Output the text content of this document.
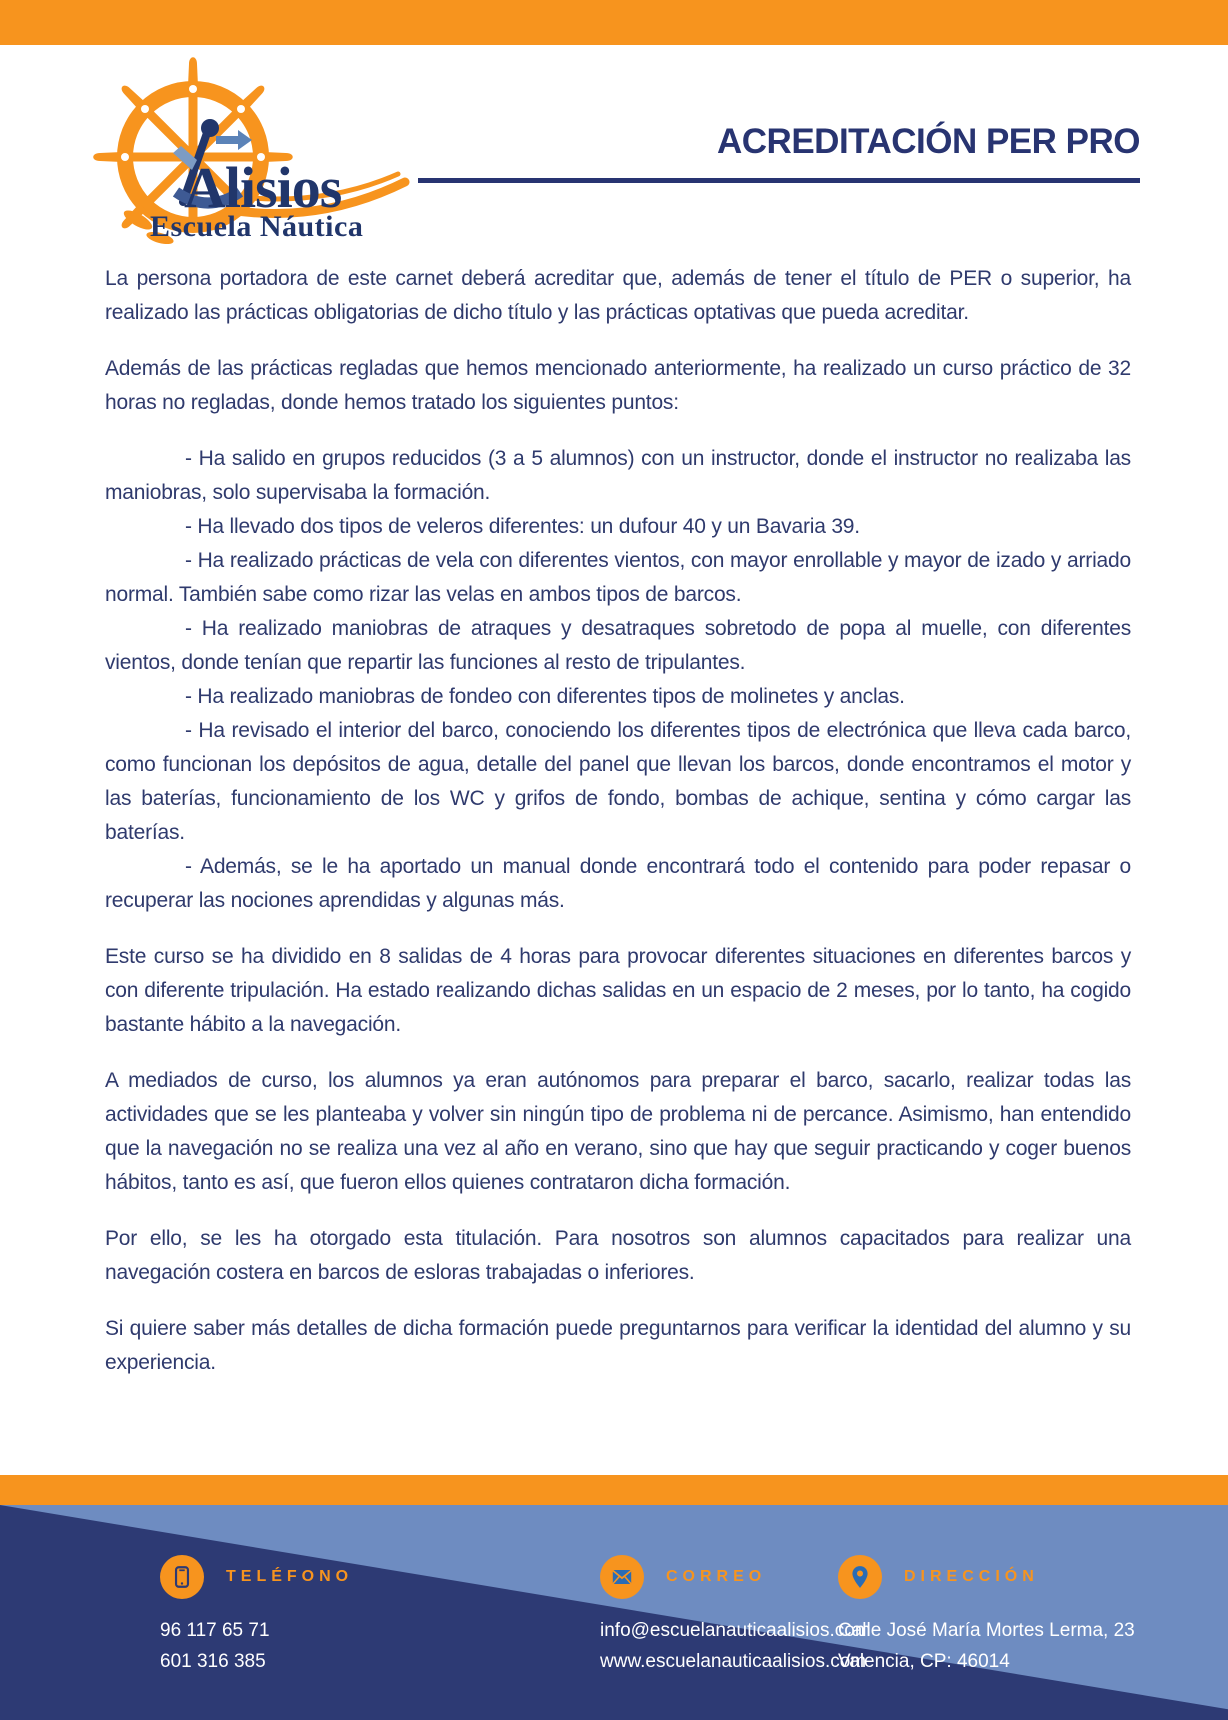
Alisios
Escuela Náutica
ACREDITACIÓN PER PRO

La persona portadora de este carnet deberá acreditar que, además de tener el título de PER o superior, ha realizado las prácticas obligatorias de dicho título y las prácticas optativas que pueda acreditar.

Además de las prácticas regladas que hemos mencionado anteriormente, ha realizado un curso práctico de 32 horas no regladas, donde hemos tratado los siguientes puntos:

- Ha salido en grupos reducidos (3 a 5 alumnos) con un instructor, donde el instructor no realizaba las maniobras, solo supervisaba la formación.

- Ha llevado dos tipos de veleros diferentes: un dufour 40 y un Bavaria 39.

- Ha realizado prácticas de vela con diferentes vientos, con mayor enrollable y mayor de izado y arriado normal. También sabe como rizar las velas en ambos tipos de barcos.

- Ha realizado maniobras de atraques y desatraques sobretodo de popa al muelle, con diferentes vientos, donde tenían que repartir las funciones al resto de tripulantes.

- Ha realizado maniobras de fondeo con diferentes tipos de molinetes y anclas.

- Ha revisado el interior del barco, conociendo los diferentes tipos de electrónica que lleva cada barco, como funcionan los depósitos de agua, detalle del panel que llevan los barcos, donde encontramos el motor y las baterías, funcionamiento de los WC y grifos de fondo, bombas de achique, sentina y cómo cargar las baterías.

- Además, se le ha aportado un manual donde encontrará todo el contenido para poder repasar o recuperar las nociones aprendidas y algunas más.

Este curso se ha dividido en 8 salidas de 4 horas para provocar diferentes situaciones en diferentes barcos y con diferente tripulación. Ha estado realizando dichas salidas en un espacio de 2 meses, por lo tanto, ha cogido bastante hábito a la navegación.

A mediados de curso, los alumnos ya eran autónomos para preparar el barco, sacarlo, realizar todas las actividades que se les planteaba y volver sin ningún tipo de problema ni de percance. Asimismo, han entendido que la navegación no se realiza una vez al año en verano, sino que hay que seguir practicando y coger buenos hábitos, tanto es así, que fueron ellos quienes contrataron dicha formación.

Por ello, se les ha otorgado esta titulación. Para nosotros son alumnos capacitados para realizar una navegación costera en barcos de esloras trabajadas o inferiores.

Si quiere saber más detalles de dicha formación puede preguntarnos para verificar la identidad del alumno y su experiencia.

TELÉFONO
96 117 65 71
601 316 385
CORREO
info@escuelanauticaalisios.com
www.escuelanauticaalisios.com
DIRECCIÓN
Calle José María Mortes Lerma, 23
Valencia, CP: 46014
